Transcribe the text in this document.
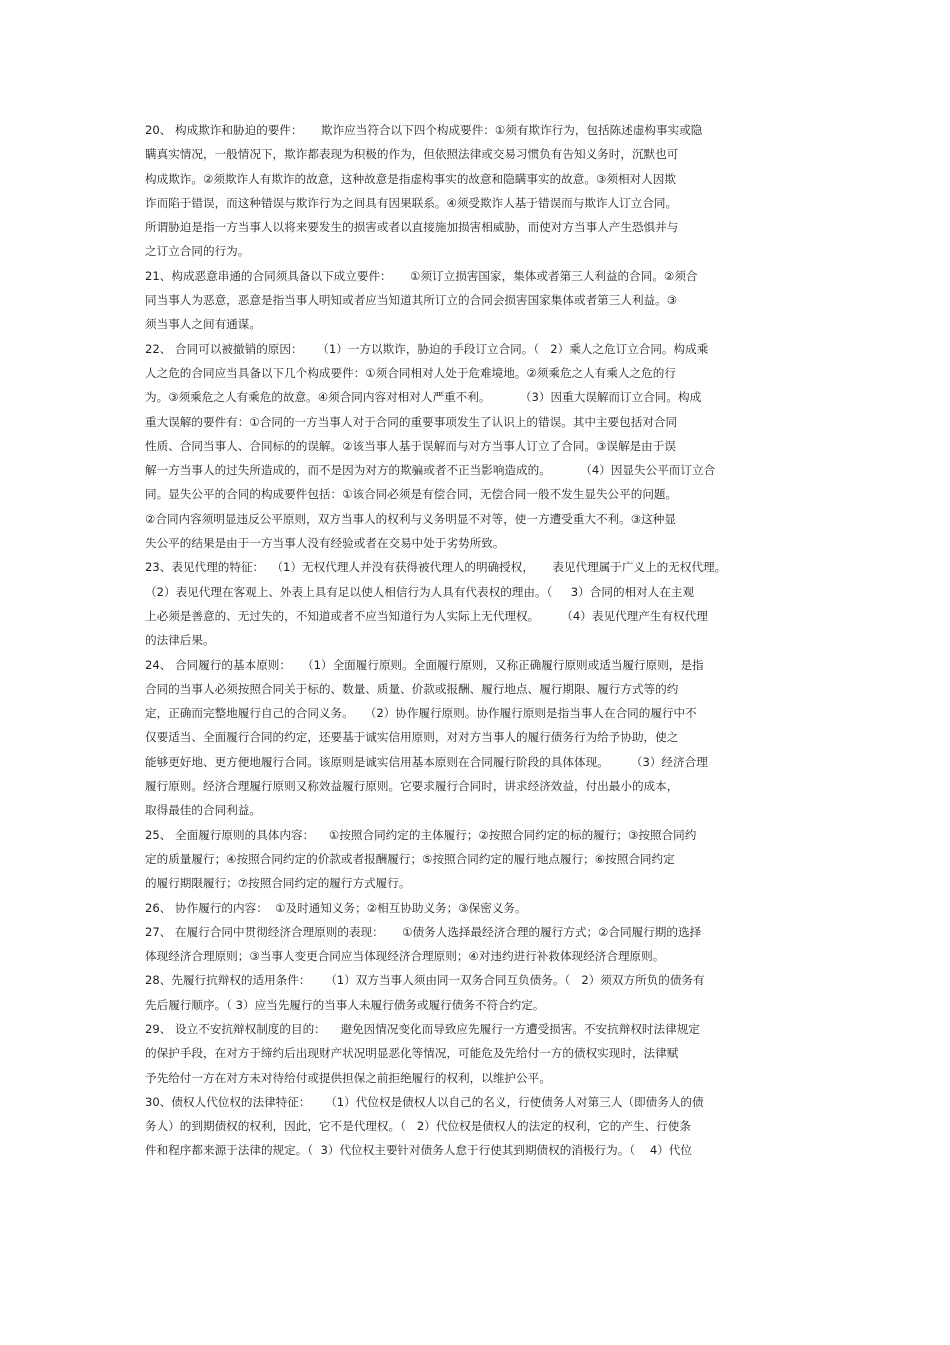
20、 构成欺诈和胁迫的要件：     欺诈应当符合以下四个构成要件：①须有欺诈行为，包括陈述虚构事实或隐
瞒真实情况，一般情况下，欺诈都表现为积极的作为，但依照法律或交易习惯负有告知义务时，沉默也可
构成欺诈。②须欺诈人有欺诈的故意，这种故意是指虚构事实的故意和隐瞒事实的故意。③须相对人因欺
诈而陷于错误，而这种错误与欺诈行为之间具有因果联系。④须受欺诈人基于错误而与欺诈人订立合同。
所谓胁迫是指一方当事人以将来要发生的损害或者以直接施加损害相威胁，而使对方当事人产生恐惧并与
之订立合同的行为。
21、构成恶意串通的合同须具备以下成立要件：     ①须订立损害国家，集体或者第三人利益的合同。②须合
同当事人为恶意，恶意是指当事人明知或者应当知道其所订立的合同会损害国家集体或者第三人利益。③
须当事人之间有通谋。
22、 合同可以被撤销的原因：    （1）一方以欺诈，胁迫的手段订立合同。（   2）乘人之危订立合同。构成乘
人之危的合同应当具备以下几个构成要件：①须合同相对人处于危难境地。②须乘危之人有乘人之危的行
为。③须乘危之人有乘危的故意。④须合同内容对相对人严重不利。        （3）因重大误解而订立合同。构成
重大误解的要件有：①合同的一方当事人对于合同的重要事项发生了认识上的错误。其中主要包括对合同
性质、合同当事人、合同标的的误解。②该当事人基于误解而与对方当事人订立了合同。③误解是由于误
解一方当事人的过失所造成的，而不是因为对方的欺骗或者不正当影响造成的。        （4）因显失公平而订立合
同。显失公平的合同的构成要件包括：①该合同必须是有偿合同，无偿合同一般不发生显失公平的问题。
②合同内容须明显违反公平原则，双方当事人的权利与义务明显不对等，使一方遭受重大不利。③这种显
失公平的结果是由于一方当事人没有经验或者在交易中处于劣势所致。
23、表见代理的特征：  （1）无权代理人并没有获得被代理人的明确授权，     表见代理属于广义上的无权代理。
（2）表见代理在客观上、外表上具有足以使人相信行为人具有代表权的理由。（     3）合同的相对人在主观
上必须是善意的、无过失的，不知道或者不应当知道行为人实际上无代理权。      （4）表见代理产生有权代理
的法律后果。
24、 合同履行的基本原则：   （1）全面履行原则。全面履行原则，又称正确履行原则或适当履行原则，是指
合同的当事人必须按照合同关于标的、数量、质量、价款或报酬、履行地点、履行期限、履行方式等的约
定，正确而完整地履行自己的合同义务。   （2）协作履行原则。协作履行原则是指当事人在合同的履行中不
仅要适当、全面履行合同的约定，还要基于诚实信用原则，对对方当事人的履行债务行为给予协助，使之
能够更好地、更方便地履行合同。该原则是诚实信用基本原则在合同履行阶段的具体体现。      （3）经济合理
履行原则。经济合理履行原则又称效益履行原则。它要求履行合同时，讲求经济效益，付出最小的成本，
取得最佳的合同利益。
25、 全面履行原则的具体内容：    ①按照合同约定的主体履行；②按照合同约定的标的履行；③按照合同约
定的质量履行；④按照合同约定的价款或者报酬履行；⑤按照合同约定的履行地点履行；⑥按照合同约定
的履行期限履行；⑦按照合同约定的履行方式履行。
26、 协作履行的内容：  ①及时通知义务；②相互协助义务；③保密义务。
27、 在履行合同中贯彻经济合理原则的表现：     ①债务人选择最经济合理的履行方式；②合同履行期的选择
体现经济合理原则；③当事人变更合同应当体现经济合理原则；④对违约进行补救体现经济合理原则。
28、先履行抗辩权的适用条件：    （1）双方当事人须由同一双务合同互负债务。（   2）须双方所负的债务有
先后履行顺序。（ 3）应当先履行的当事人未履行债务或履行债务不符合约定。
29、 设立不安抗辩权制度的目的：    避免因情况变化而导致应先履行一方遭受损害。不安抗辩权时法律规定
的保护手段，在对方于缔约后出现财产状况明显恶化等情况，可能危及先给付一方的债权实现时，法律赋
予先给付一方在对方未对待给付或提供担保之前拒绝履行的权利，以维护公平。
30、债权人代位权的法律特征：    （1）代位权是债权人以自己的名义，行使债务人对第三人（即债务人的债
务人）的到期债权的权利，因此，它不是代理权。（   2）代位权是债权人的法定的权利，它的产生、行使条
件和程序都来源于法律的规定。（  3）代位权主要针对债务人怠于行使其到期债权的消极行为。（    4）代位
